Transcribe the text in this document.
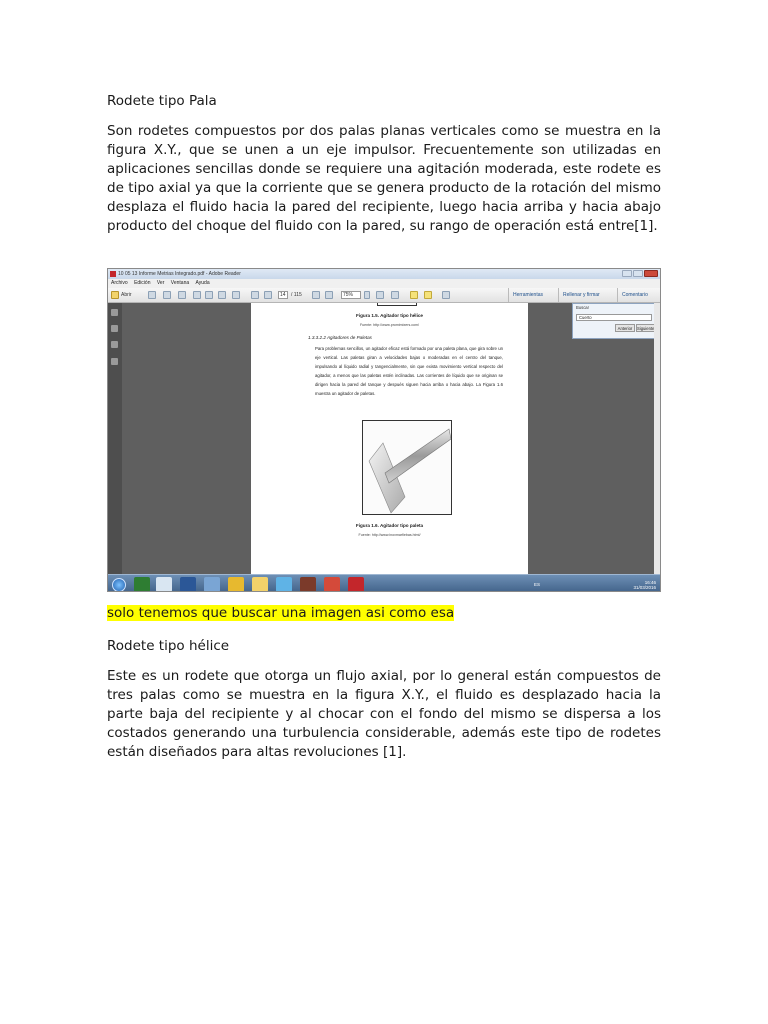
Rodete tipo Pala
Son rodetes compuestos por dos palas planas verticales como se muestra en la figura X.Y., que se unen a un eje impulsor. Frecuentemente son utilizadas en aplicaciones sencillas donde se requiere una agitación moderada, este rodete es de tipo axial ya que la corriente que se genera producto de la rotación del mismo desplaza el fluido hacia la pared del recipiente, luego hacia arriba y hacia abajo producto del choque del fluido con la pared, su rango de operación está entre[1].
10 05 13 Informe Metrias Integrado.pdf - Adobe Reader
Archivo Edición Ver Ventana Ayuda
Abrir	14	/ 115	75%	Herramientas	Rellenar y firmar	Comentario
Figura 1.5. Agitador tipo hélice
Fuente: http://www.promimixers.com/
1.3.3.2.2 Agitadores de Paletas
Para problemas sencillos, un agitador eficaz está formado por una paleta plana, que gira sobre un eje vertical. Las paletas giran a velocidades bajas o moderadas en el centro del tanque, impulsando al líquido radial y tangencialmente, sin que exista movimiento vertical respecto del agitador, a menos que las paletas estén inclinadas. Las corrientes de líquido que se originan se dirigen hacia la pared del tanque y después siguen hacia arriba o hacia abajo. La Figura 1.6 muestra un agitador de paletas.
Figura 1.6. Agitador tipo paleta
Fuente: http://www.inoxmarfiebas.html/
Buscar
Cuerto
Anterior	Siguiente
ES	16:46
31/03/2016
solo tenemos que buscar una imagen asi como esa
Rodete tipo hélice
Este es un rodete que otorga un flujo axial, por lo general están compuestos de tres palas como se muestra en la figura X.Y., el fluido es desplazado hacia la parte baja del recipiente y al chocar con el fondo del mismo se dispersa a los costados generando una turbulencia considerable, además este tipo de rodetes están diseñados para altas revoluciones [1].
